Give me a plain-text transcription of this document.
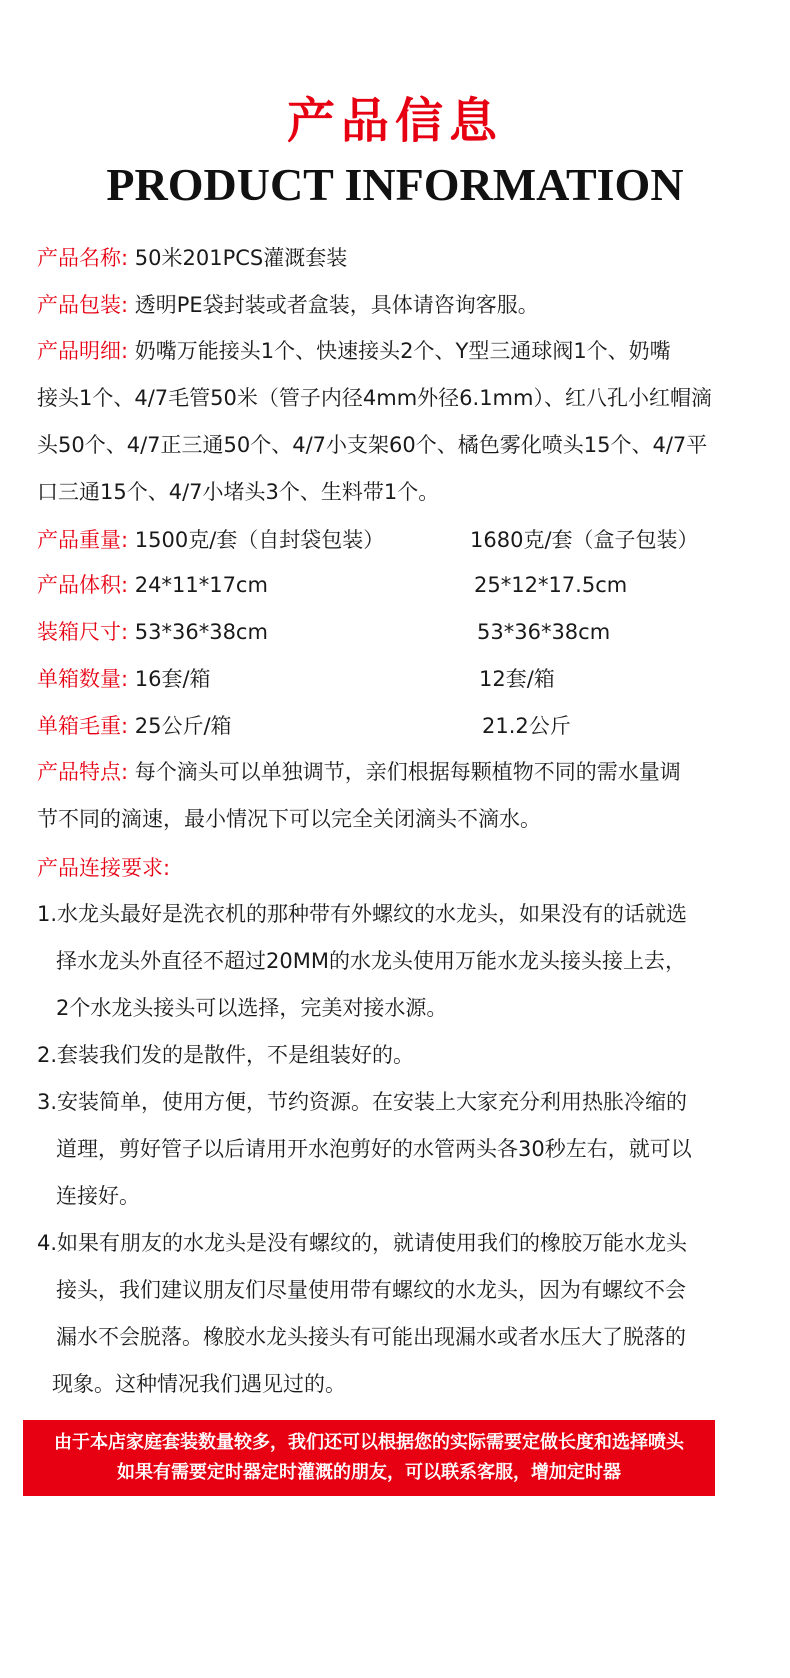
产品信息
PRODUCT INFORMATION
产品名称: 50米201PCS灌溉套装
产品包装: 透明PE袋封装或者盒装，具体请咨询客服。
产品明细: 奶嘴万能接头1个、快速接头2个、Y型三通球阀1个、奶嘴
接头1个、4/7毛管50米（管子内径4mm外径6.1mm）、红八孔小红帽滴
头50个、4/7正三通50个、4/7小支架60个、橘色雾化喷头15个、4/7平
口三通15个、4/7小堵头3个、生料带1个。
产品重量: 1500克/套（自封袋包装）	1680克/套（盒子包装）
产品体积: 24*11*17cm	25*12*17.5cm
装箱尺寸: 53*36*38cm	53*36*38cm
单箱数量: 16套/箱	12套/箱
单箱毛重: 25公斤/箱	21.2公斤
产品特点: 每个滴头可以单独调节，亲们根据每颗植物不同的需水量调
节不同的滴速，最小情况下可以完全关闭滴头不滴水。
产品连接要求:
1.水龙头最好是洗衣机的那种带有外螺纹的水龙头，如果没有的话就选
择水龙头外直径不超过20MM的水龙头使用万能水龙头接头接上去，
2个水龙头接头可以选择，完美对接水源。
2.套装我们发的是散件，不是组装好的。
3.安装简单，使用方便，节约资源。在安装上大家充分利用热胀冷缩的
道理，剪好管子以后请用开水泡剪好的水管两头各30秒左右，就可以
连接好。
4.如果有朋友的水龙头是没有螺纹的，就请使用我们的橡胶万能水龙头
接头，我们建议朋友们尽量使用带有螺纹的水龙头，因为有螺纹不会
漏水不会脱落。橡胶水龙头接头有可能出现漏水或者水压大了脱落的
现象。这种情况我们遇见过的。
由于本店家庭套装数量较多，我们还可以根据您的实际需要定做长度和选择喷头
如果有需要定时器定时灌溉的朋友，可以联系客服，增加定时器
